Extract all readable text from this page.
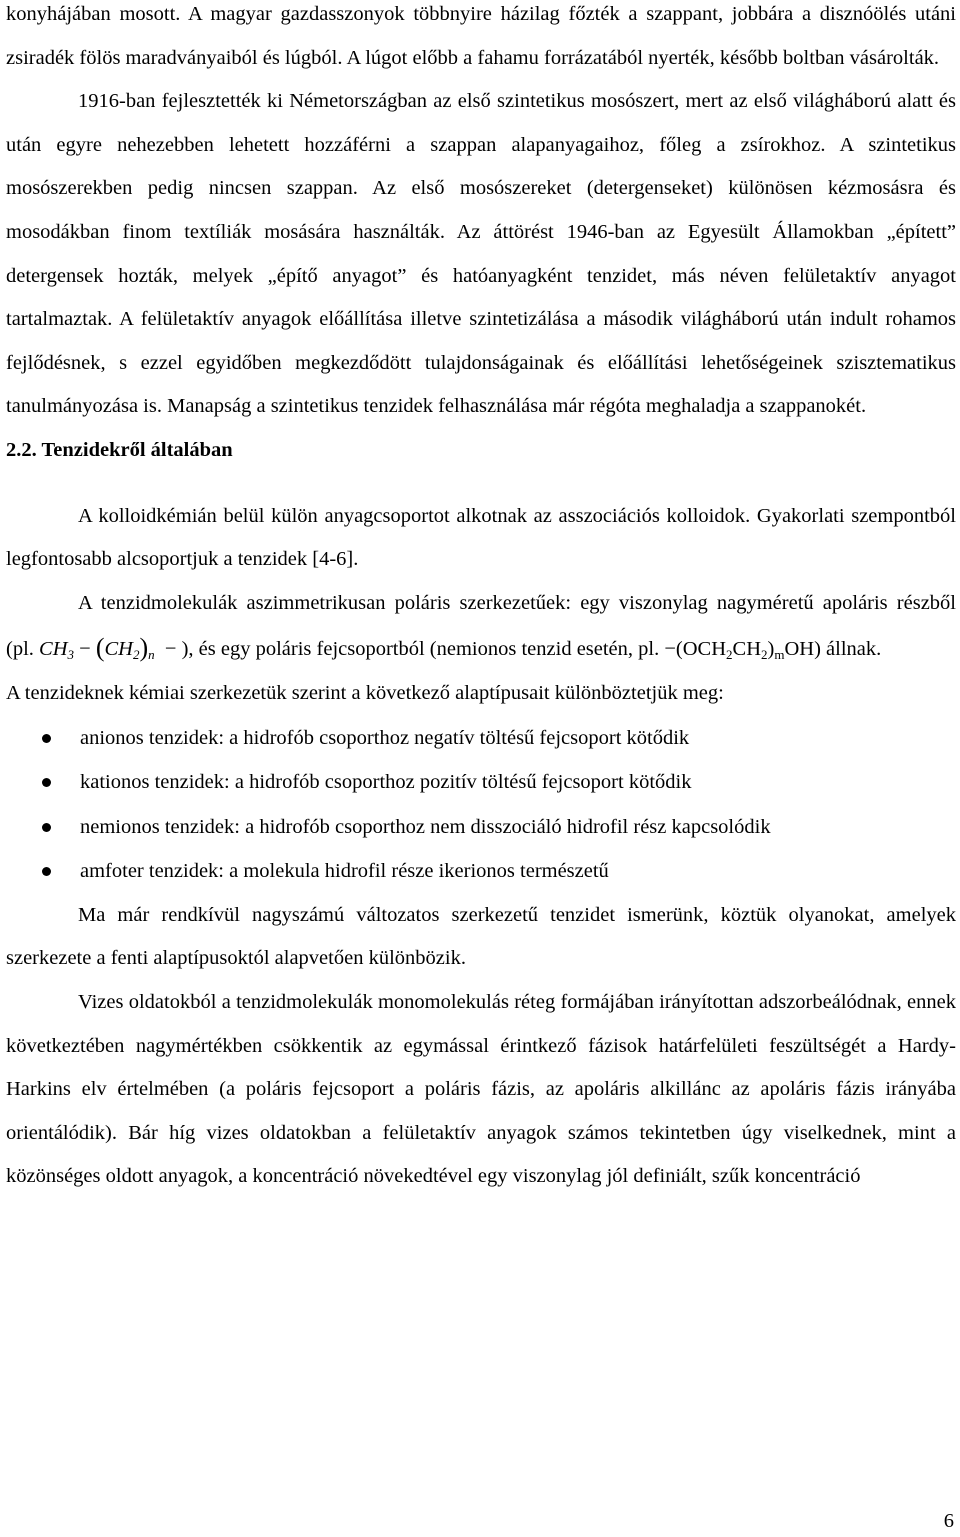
konyhájában mosott. A magyar gazdasszonyok többnyire házilag főzték a szappant, jobbára a disznóölés utáni zsiradék fölös maradványaiból és lúgból. A lúgot előbb a fahamu forrázatából nyerték, később boltban vásárolták.

1916-ban fejlesztették ki Németországban az első szintetikus mosószert, mert az első világháború alatt és után egyre nehezebben lehetett hozzáférni a szappan alapanyagaihoz, főleg a zsírokhoz. A szintetikus mosószerekben pedig nincsen szappan. Az első mosószereket (detergenseket) különösen kézmosásra és mosodákban finom textíliák mosására használták. Az áttörést 1946-ban az Egyesült Államokban „épített” detergensek hozták, melyek „építő anyagot” és hatóanyagként tenzidet, más néven felületaktív anyagot tartalmaztak. A felületaktív anyagok előállítása illetve szintetizálása a második világháború után indult rohamos fejlődésnek, s ezzel egyidőben megkezdődött tulajdonságainak és előállítási lehetőségeinek szisztematikus tanulmányozása is. Manapság a szintetikus tenzidek felhasználása már régóta meghaladja a szappanokét.

2.2. Tenzidekről általában

A kolloidkémián belül külön anyagcsoportot alkotnak az asszociációs kolloidok. Gyakorlati szempontból legfontosabb alcsoportjuk a tenzidek [4-6].

A tenzidmolekulák aszimmetrikusan poláris szerkezetűek: egy viszonylag nagyméretű apoláris részből (pl. $CH_3 - (CH_2)_n$ − ), és egy poláris fejcsoportból (nemionos tenzid esetén, pl. $-(OCH_2CH_2)_mOH$) állnak.

A tenzideknek kémiai szerkezetük szerint a következő alaptípusait különböztetjük meg:

anionos tenzidek: a hidrofób csoporthoz negatív töltésű fejcsoport kötődik
kationos tenzidek: a hidrofób csoporthoz pozitív töltésű fejcsoport kötődik
nemionos tenzidek: a hidrofób csoporthoz nem disszociáló hidrofil rész kapcsolódik
amfoter tenzidek: a molekula hidrofil része ikerionos természetű

Ma már rendkívül nagyszámú változatos szerkezetű tenzidet ismerünk, köztük olyanokat, amelyek szerkezete a fenti alaptípusoktól alapvetően különbözik.

Vizes oldatokból a tenzidmolekulák monomolekulás réteg formájában irányítottan adszorbeálódnak, ennek következtében nagymértékben csökkentik az egymással érintkező fázisok határfelületi feszültségét a Hardy-Harkins elv értelmében (a poláris fejcsoport a poláris fázis, az apoláris alkillánc az apoláris fázis irányába orientálódik). Bár híg vizes oldatokban a felületaktív anyagok számos tekintetben úgy viselkednek, mint a közönséges oldott anyagok, a koncentráció növekedtével egy viszonylag jól definiált, szűk koncentráció

6
